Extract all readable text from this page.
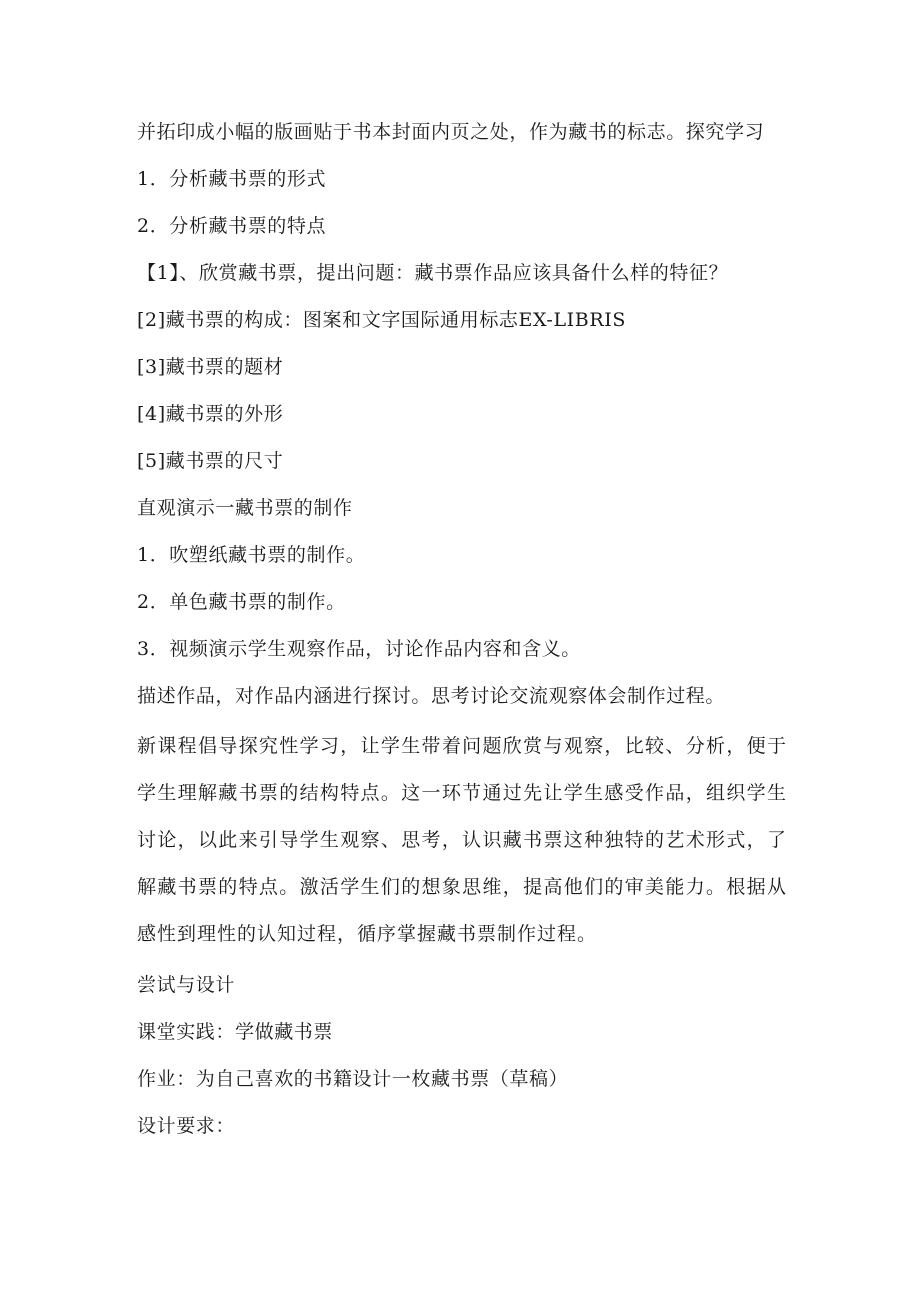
并拓印成小幅的版画贴于书本封面内页之处，作为藏书的标志。探究学习

1．分析藏书票的形式

2．分析藏书票的特点

【1】、欣赏藏书票，提出问题：藏书票作品应该具备什么样的特征？

[2]藏书票的构成：图案和文字国际通用标志EX-LIBRIS

[3]藏书票的题材

[4]藏书票的外形

[5]藏书票的尺寸

直观演示一藏书票的制作

1．吹塑纸藏书票的制作。

2．单色藏书票的制作。

3．视频演示学生观察作品，讨论作品内容和含义。

描述作品，对作品内涵进行探讨。思考讨论交流观察体会制作过程。

新课程倡导探究性学习，让学生带着问题欣赏与观察，比较、分析，便于学生理解藏书票的结构特点。这一环节通过先让学生感受作品，组织学生讨论，以此来引导学生观察、思考，认识藏书票这种独特的艺术形式，了解藏书票的特点。激活学生们的想象思维，提高他们的审美能力。根据从感性到理性的认知过程，循序掌握藏书票制作过程。

尝试与设计

课堂实践：学做藏书票

作业：为自己喜欢的书籍设计一枚藏书票（草稿）

设计要求：
